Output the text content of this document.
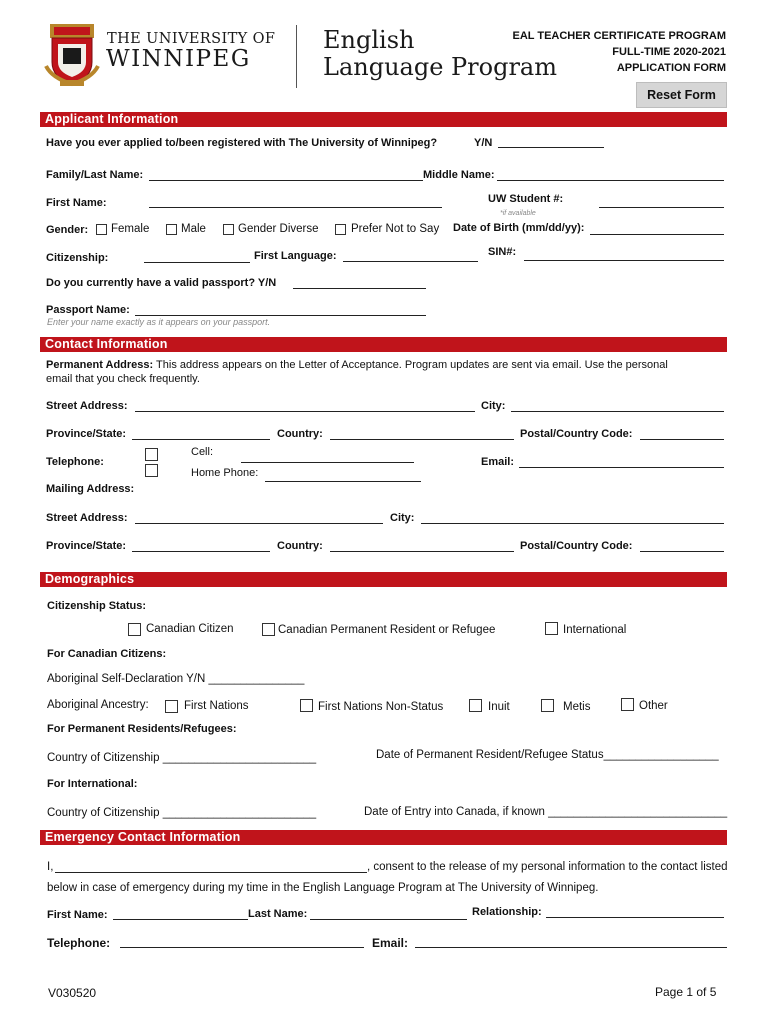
THE UNIVERSITY OF
WINNIPEG
English
Language Program
EAL TEACHER CERTIFICATE PROGRAM
FULL-TIME 2020-2021
APPLICATION FORM
Reset Form
Applicant Information
Have you ever applied to/been registered with The University of Winnipeg?	Y/N
Family/Last Name:	Middle Name:
First Name:	UW Student #:
*if available
Gender: Female	Male	Gender Diverse	Prefer Not to Say Date of Birth (mm/dd/yy):
Citizenship:	First Language:	SIN#:
Do you currently have a valid passport? Y/N
Passport Name:
Enter your name exactly as it appears on your passport.
Contact Information
Permanent Address: This address appears on the Letter of Acceptance. Program updates are sent via email. Use the personal
email that you check frequently.
Street Address:	City:
Province/State:	Country:	Postal/Country Code:
Telephone:
Cell:
Home Phone:
Email:
Mailing Address:
Street Address:	City:
Province/State:	Country:	Postal/Country Code:
Demographics
Citizenship Status:
Canadian Citizen	Canadian Permanent Resident or Refugee	International
For Canadian Citizens:
Aboriginal Self-Declaration Y/N _______________
Aboriginal Ancestry:	First Nations	First Nations Non-Status	Inuit	Metis	Other
For Permanent Residents/Refugees:
Country of Citizenship ________________________	Date of Permanent Resident/Refugee Status__________________
For International:
Country of Citizenship ________________________	Date of Entry into Canada, if known ____________________________
Emergency Contact Information
I,	, consent to the release of my personal information to the contact listed
below in case of emergency during my time in the English Language Program at The University of Winnipeg.
First Name:	Last Name:	Relationship:
Telephone:	Email:
V030520	Page 1 of 5
